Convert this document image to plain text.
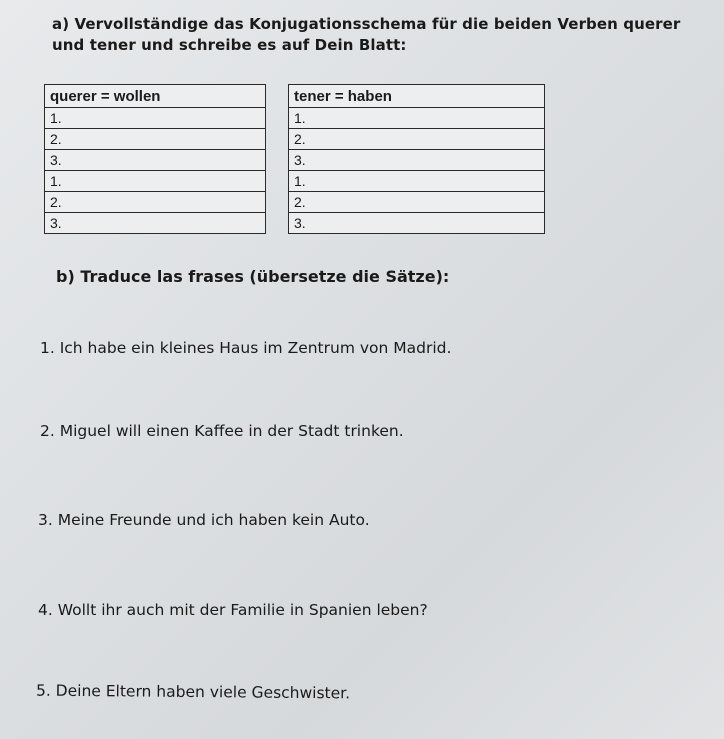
a) Vervollständige das Konjugationsschema für die beiden Verben querer und tener und schreibe es auf Dein Blatt:
querer = wollen
1.
2.
3.
1.
2.
3.
tener = haben
1.
2.
3.
1.
2.
3.
b) Traduce las frases (übersetze die Sätze):
1. Ich habe ein kleines Haus im Zentrum von Madrid.
2. Miguel will einen Kaffee in der Stadt trinken.
3. Meine Freunde und ich haben kein Auto.
4. Wollt ihr auch mit der Familie in Spanien leben?
5. Deine Eltern haben viele Geschwister.
